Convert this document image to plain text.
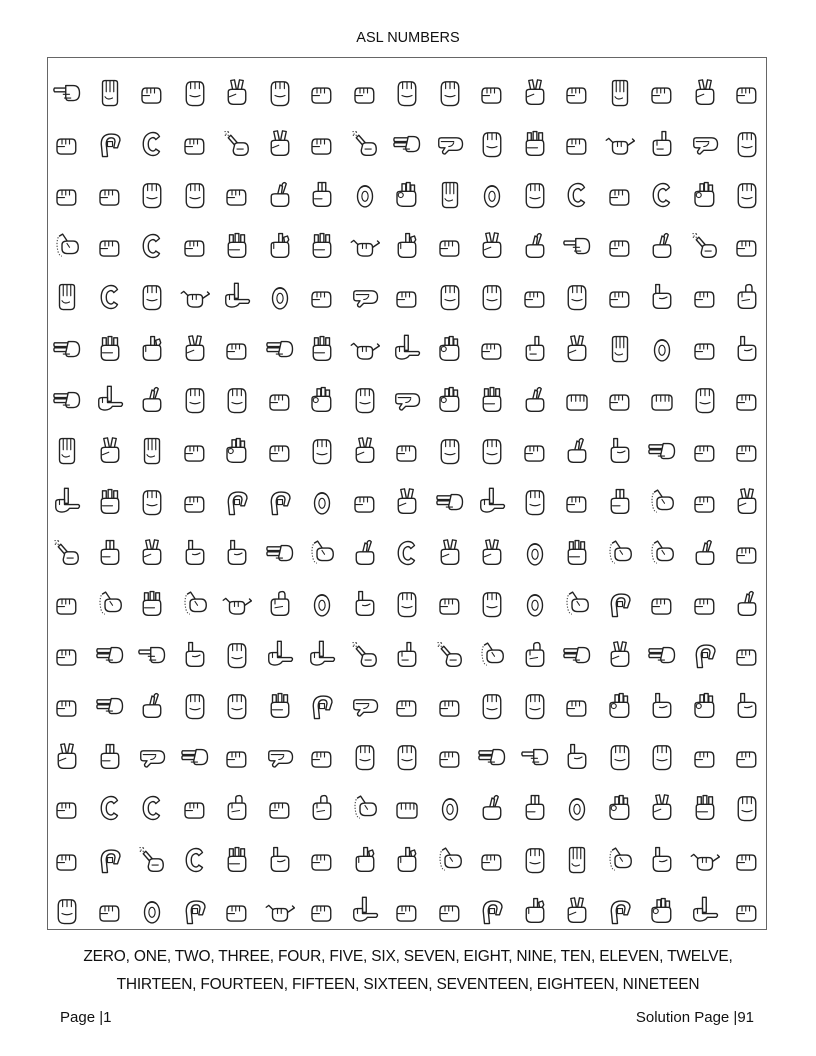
ASL NUMBERS
ZERO, ONE, TWO, THREE, FOUR, FIVE, SIX, SEVEN, EIGHT, NINE, TEN, ELEVEN, TWELVE,
THIRTEEN, FOURTEEN, FIFTEEN, SIXTEEN, SEVENTEEN, EIGHTEEN, NINETEEN
Page |1	Solution Page |91
